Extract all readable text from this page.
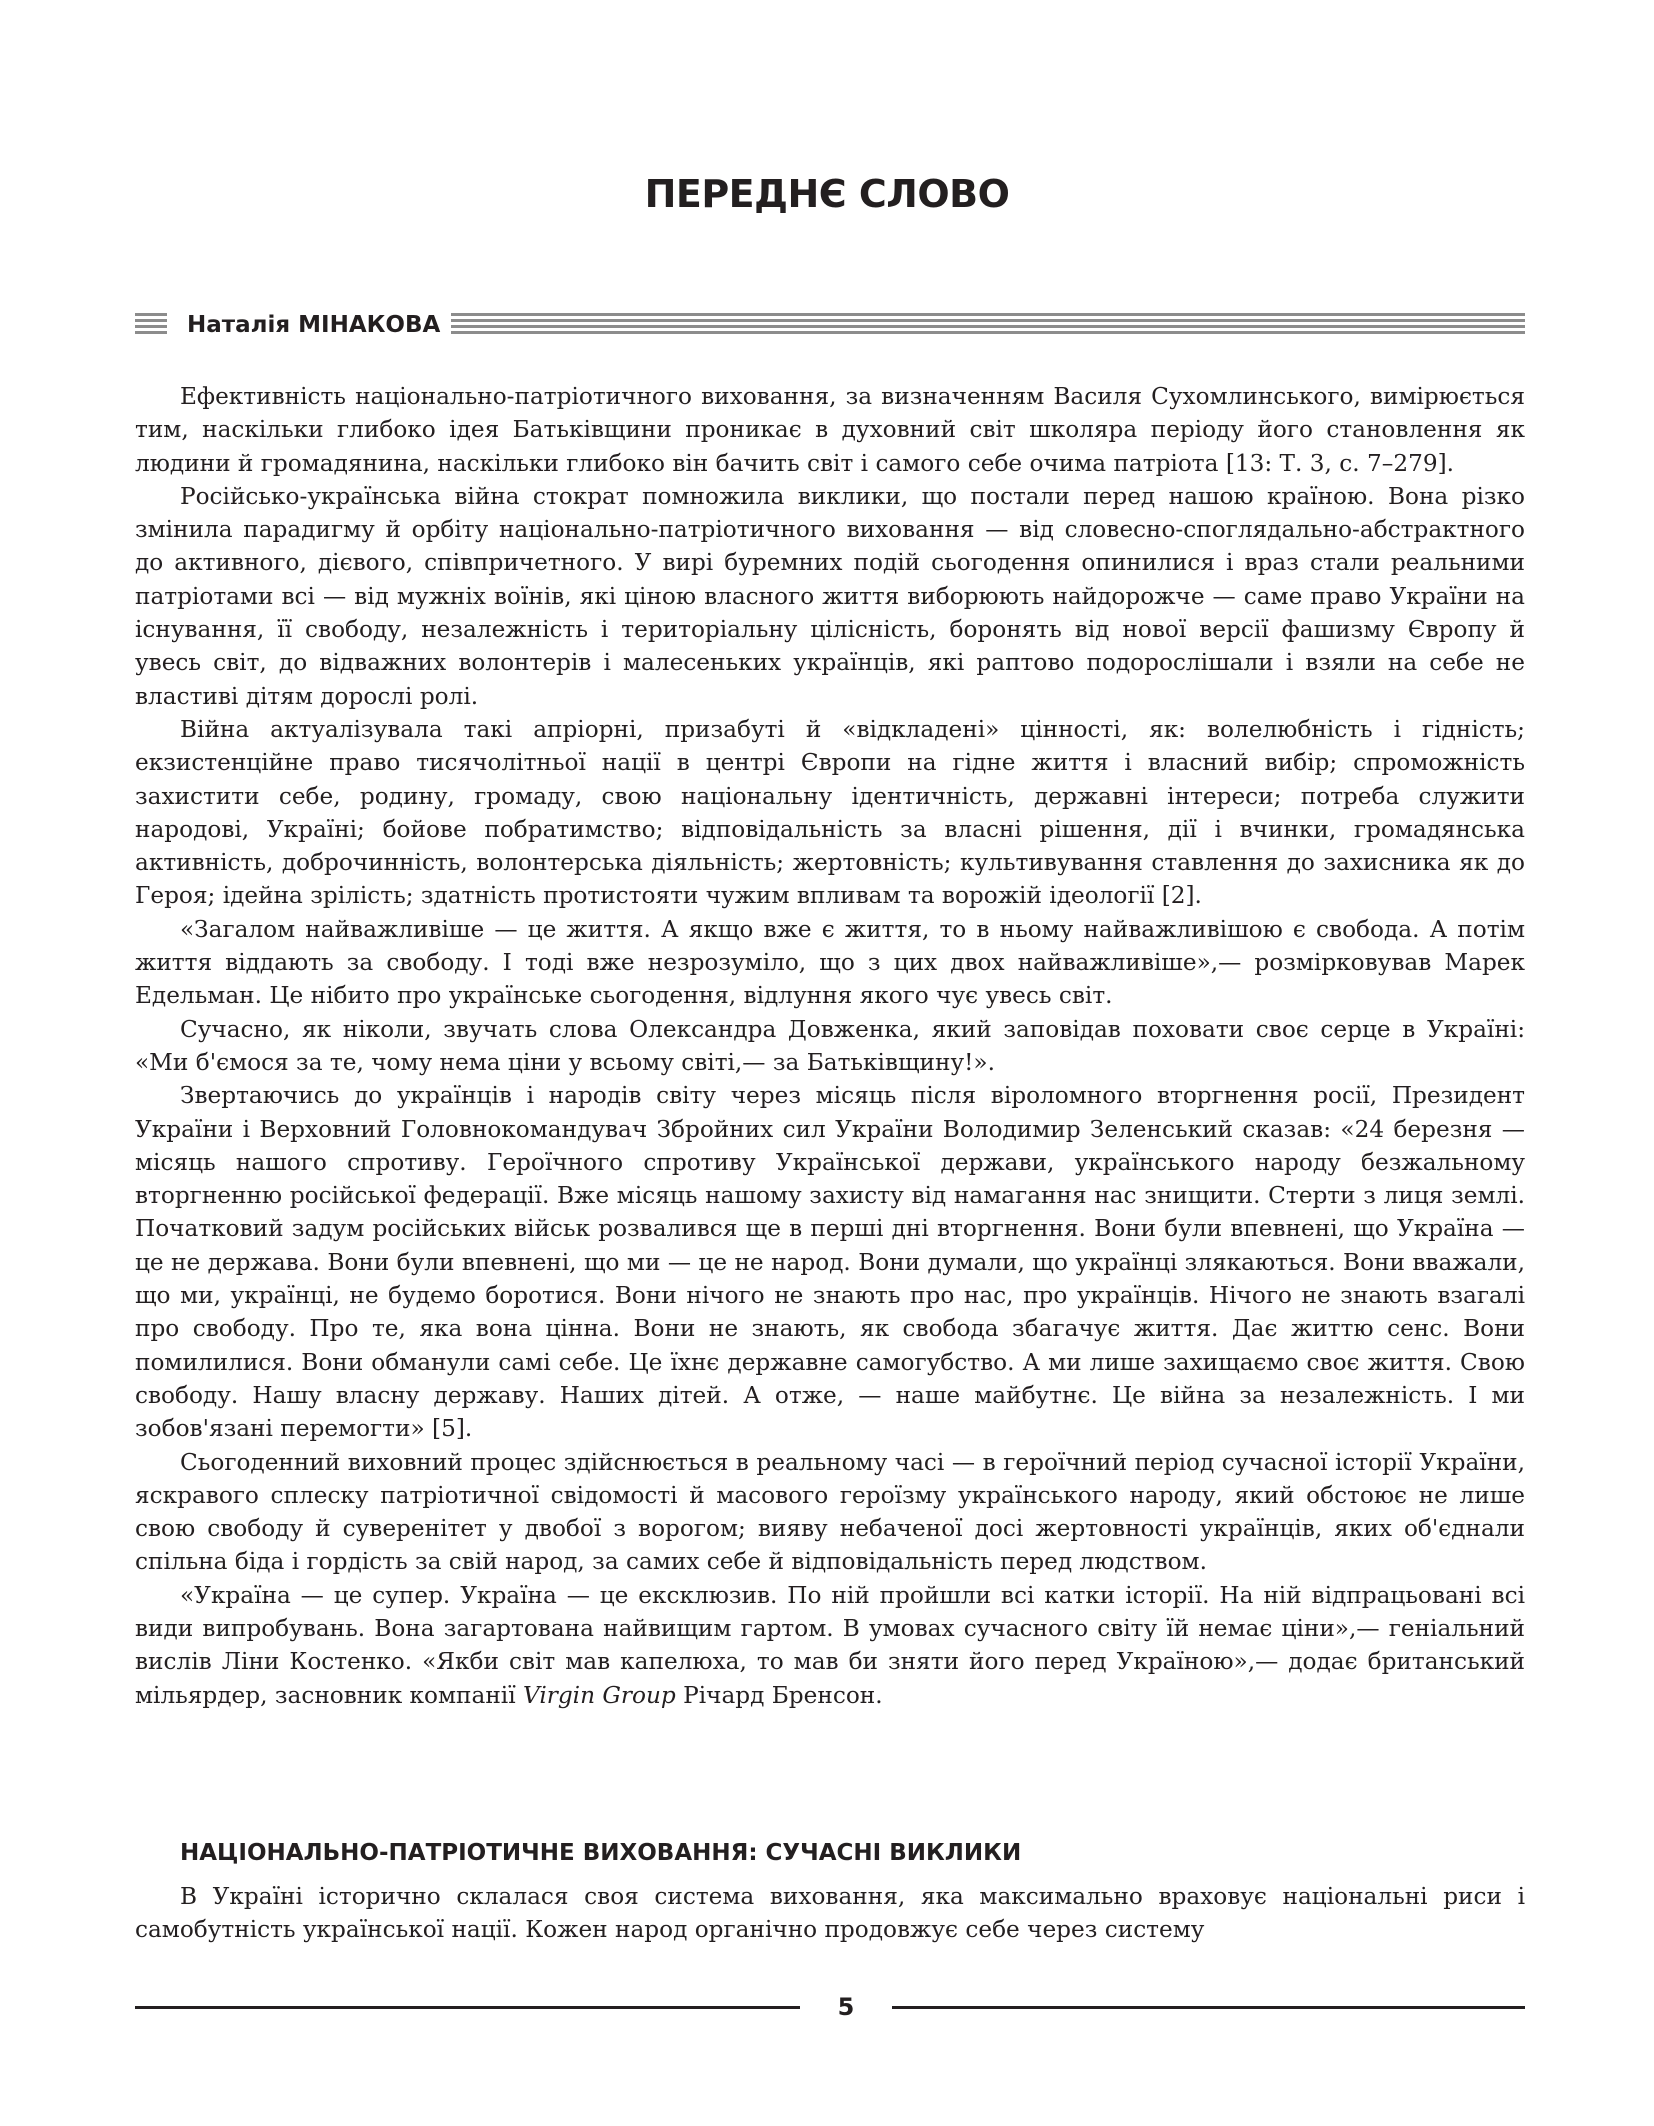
ПЕРЕДНЄ СЛОВО
Наталія МІНАКОВА

Ефективність національно-патріотичного виховання, за визначенням Василя Сухомлинського, вимірюється тим, наскільки глибоко ідея Батьківщини проникає в духовний світ школяра періоду його становлення як людини й громадянина, наскільки глибоко він бачить світ і самого себе очима патріота [13: Т. 3, с. 7–279].

Російсько-українська війна стократ помножила виклики, що постали перед нашою країною. Вона різко змінила парадигму й орбіту національно-патріотичного виховання — від словесно-споглядально-абстрактного до активного, дієвого, співпричетного. У вирі буремних подій сьогодення опинилися і враз стали реальними патріотами всі — від мужніх воїнів, які ціною власного життя виборюють найдорожче — саме право України на існування, її свободу, незалежність і територіальну цілісність, боронять від нової версії фашизму Європу й увесь світ, до відважних волонтерів і малесеньких українців, які раптово подорослішали і взяли на себе не властиві дітям дорослі ролі.

Війна актуалізувала такі апріорні, призабуті й «відкладені» цінності, як: волелюбність і гідність; екзистенційне право тисячолітньої нації в центрі Європи на гідне життя і власний вибір; спроможність захистити себе, родину, громаду, свою національну ідентичність, державні інтереси; потреба служити народові, Україні; бойове побратимство; відповідальність за власні рішення, дії і вчинки, громадянська активність, доброчинність, волонтерська діяльність; жертовність; культивування ставлення до захисника як до Героя; ідейна зрілість; здатність протистояти чужим впливам та ворожій ідеології [2].

«Загалом найважливіше — це життя. А якщо вже є життя, то в ньому найважливішою є свобода. А потім життя віддають за свободу. І тоді вже незрозуміло, що з цих двох найважливіше»,— розмірковував Марек Едельман. Це нібито про українське сьогодення, відлуння якого чує увесь світ.

Сучасно, як ніколи, звучать слова Олександра Довженка, який заповідав поховати своє серце в Україні: «Ми б'ємося за те, чому нема ціни у всьому світі,— за Батьківщину!».

Звертаючись до українців і народів світу через місяць після віроломного вторгнення росії, Президент України і Верховний Головнокомандувач Збройних сил України Володимир Зеленський сказав: «24 березня — місяць нашого спротиву. Героїчного спротиву Української держави, українського народу безжальному вторгненню російської федерації. Вже місяць нашому захисту від намагання нас знищити. Стерти з лиця землі. Початковий задум російських військ розвалився ще в перші дні вторгнення. Вони були впевнені, що Україна — це не держава. Вони були впевнені, що ми — це не народ. Вони думали, що українці злякаються. Вони вважали, що ми, українці, не будемо боротися. Вони нічого не знають про нас, про українців. Нічого не знають взагалі про свободу. Про те, яка вона цінна. Вони не знають, як свобода збагачує життя. Дає життю сенс. Вони помилилися. Вони обманули самі себе. Це їхнє державне самогубство. А ми лише захищаємо своє життя. Свою свободу. Нашу власну державу. Наших дітей. А отже, — наше майбутнє. Це війна за незалежність. І ми зобов'язані перемогти» [5].

Сьогоденний виховний процес здійснюється в реальному часі — в героїчний період сучасної історії України, яскравого сплеску патріотичної свідомості й масового героїзму українського народу, який обстоює не лише свою свободу й суверенітет у двобої з ворогом; вияву небаченої досі жертовності українців, яких об'єднали спільна біда і гордість за свій народ, за самих себе й відповідальність перед людством.

«Україна — це супер. Україна — це ексклюзив. По ній пройшли всі катки історії. На ній відпрацьовані всі види випробувань. Вона загартована найвищим гартом. В умовах сучасного світу їй немає ціни»,— геніальний вислів Ліни Костенко. «Якби світ мав капелюха, то мав би зняти його перед Україною»,— додає британський мільярдер, засновник компанії Virgin Group Річард Бренсон.

НАЦІОНАЛЬНО-ПАТРІОТИЧНЕ ВИХОВАННЯ: СУЧАСНІ ВИКЛИКИ

В Україні історично склалася своя система виховання, яка максимально враховує національні риси і самобутність української нації. Кожен народ органічно продовжує себе через систему

5
